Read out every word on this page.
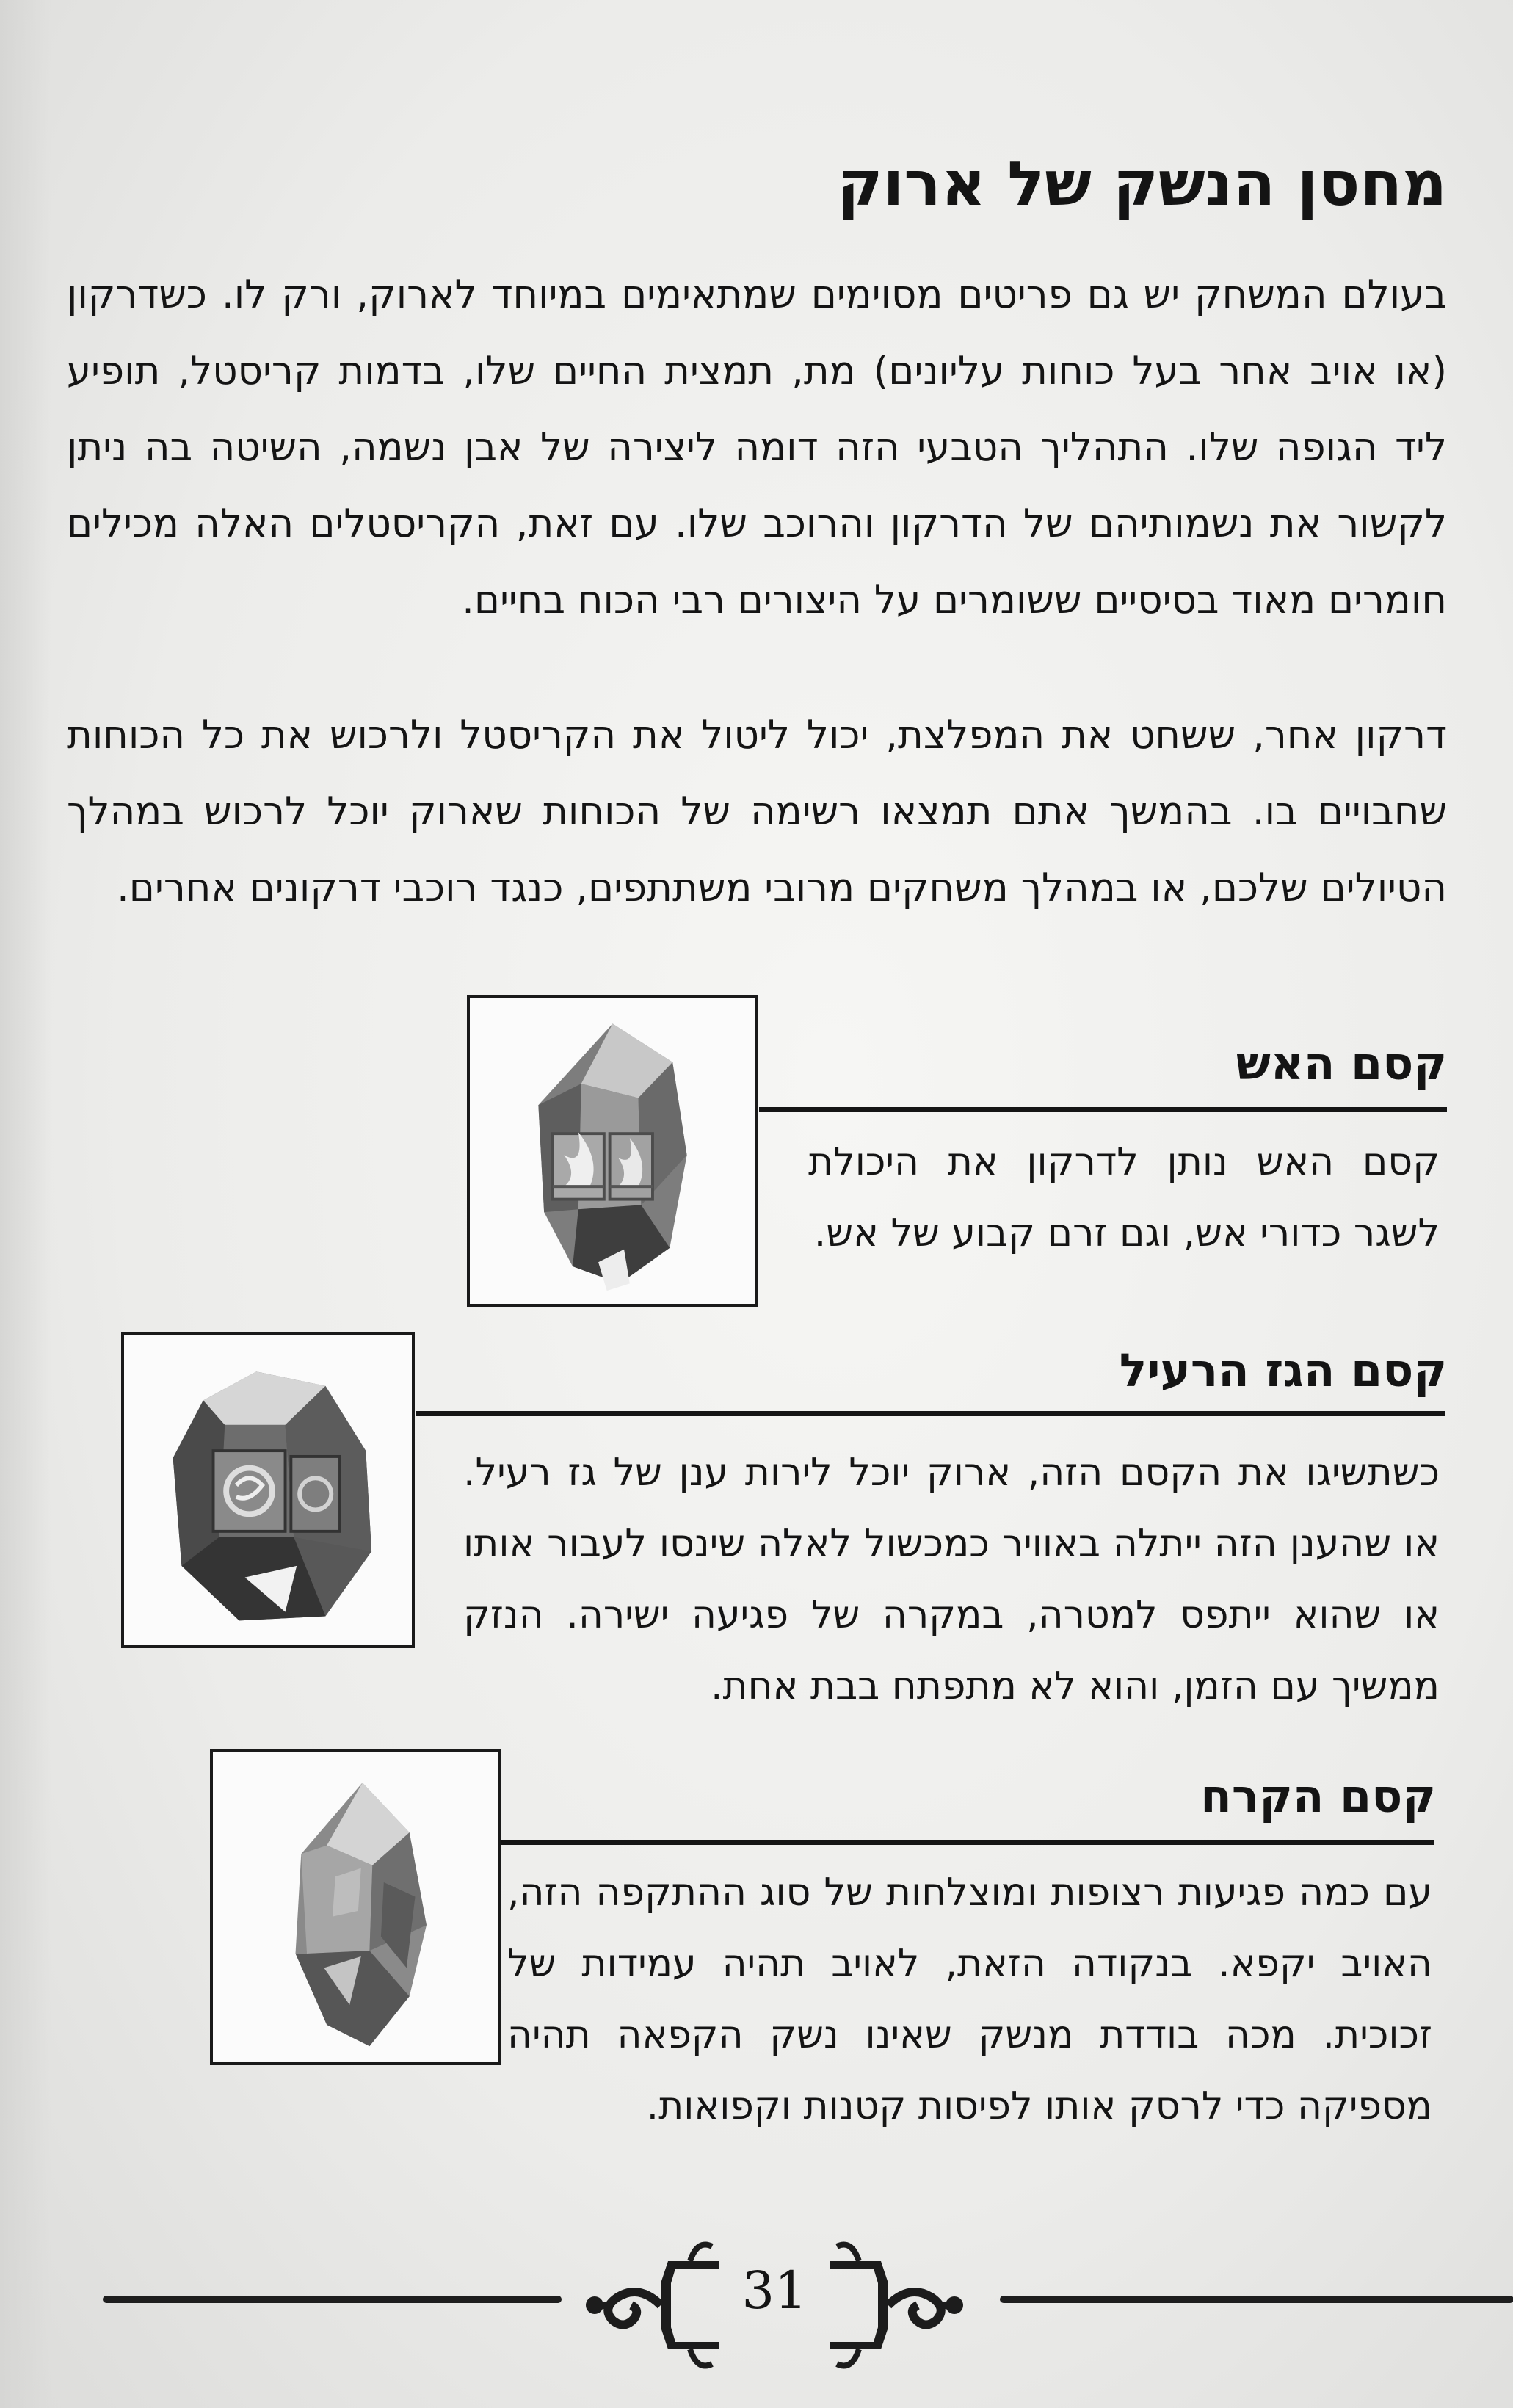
מחסן הנשק של ארוק

בעולם המשחק יש גם פריטים מסוימים שמתאימים במיוחד לארוק, ורק לו. כשדרקון (או אויב אחר בעל כוחות עליונים) מת, תמצית החיים שלו, בדמות קריסטל, תופיע ליד הגופה שלו. התהליך הטבעי הזה דומה ליצירה של אבן נשמה, השיטה בה ניתן לקשור את נשמותיהם של הדרקון והרוכב שלו. עם זאת, הקריסטלים האלה מכילים חומרים מאוד בסיסיים ששומרים על היצורים רבי הכוח בחיים.

דרקון אחר, ששחט את המפלצת, יכול ליטול את הקריסטל ולרכוש את כל הכוחות שחבויים בו. בהמשך אתם תמצאו רשימה של הכוחות שארוק יוכל לרכוש במהלך הטיולים שלכם, או במהלך משחקים מרובי משתתפים, כנגד רוכבי דרקונים אחרים.

קסם האש

קסם האש נותן לדרקון את היכולת לשגר כדורי אש, וגם זרם קבוע של אש.

קסם הגז הרעיל

כשתשיגו את הקסם הזה, ארוק יוכל לירות ענן של גז רעיל. או שהענן הזה ייתלה באוויר כמכשול לאלה שינסו לעבור אותו או שהוא ייתפס למטרה, במקרה של פגיעה ישירה. הנזק ממשיך עם הזמן, והוא לא מתפתח בבת אחת.

קסם הקרח

עם כמה פגיעות רצופות ומוצלחות של סוג ההתקפה הזה, האויב יקפא. בנקודה הזאת, לאויב תהיה עמידות של זכוכית. מכה בודדת מנשק שאינו נשק הקפאה תהיה מספיקה כדי לרסק אותו לפיסות קטנות וקפואות.

31
